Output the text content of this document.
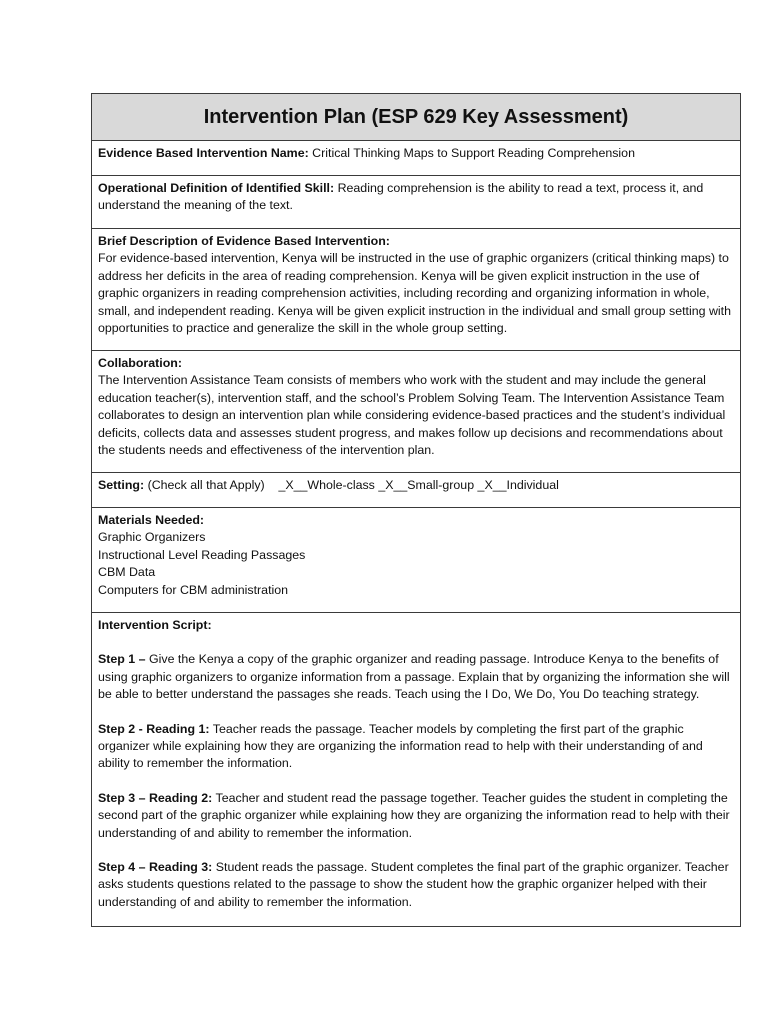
Intervention Plan (ESP 629 Key Assessment)
Evidence Based Intervention Name: Critical Thinking Maps to Support Reading Comprehension
Operational Definition of Identified Skill: Reading comprehension is the ability to read a text, process it, and understand the meaning of the text.
Brief Description of Evidence Based Intervention:
For evidence-based intervention, Kenya will be instructed in the use of graphic organizers (critical thinking maps) to address her deficits in the area of reading comprehension. Kenya will be given explicit instruction in the use of graphic organizers in reading comprehension activities, including recording and organizing information in whole, small, and independent reading. Kenya will be given explicit instruction in the individual and small group setting with opportunities to practice and generalize the skill in the whole group setting.
Collaboration:
The Intervention Assistance Team consists of members who work with the student and may include the general education teacher(s), intervention staff, and the school’s Problem Solving Team. The Intervention Assistance Team collaborates to design an intervention plan while considering evidence-based practices and the student’s individual deficits, collects data and assesses student progress, and makes follow up decisions and recommendations about the students needs and effectiveness of the intervention plan.
Setting: (Check all that Apply) _X__Whole-class _X__Small-group _X__Individual
Materials Needed:
Graphic Organizers
Instructional Level Reading Passages
CBM Data
Computers for CBM administration
Intervention Script:
Step 1 – Give the Kenya a copy of the graphic organizer and reading passage. Introduce Kenya to the benefits of using graphic organizers to organize information from a passage. Explain that by organizing the information she will be able to better understand the passages she reads. Teach using the I Do, We Do, You Do teaching strategy.
Step 2 - Reading 1: Teacher reads the passage. Teacher models by completing the first part of the graphic organizer while explaining how they are organizing the information read to help with their understanding of and ability to remember the information.
Step 3 – Reading 2: Teacher and student read the passage together. Teacher guides the student in completing the second part of the graphic organizer while explaining how they are organizing the information read to help with their understanding of and ability to remember the information.
Step 4 – Reading 3: Student reads the passage. Student completes the final part of the graphic organizer. Teacher asks students questions related to the passage to show the student how the graphic organizer helped with their understanding of and ability to remember the information.
